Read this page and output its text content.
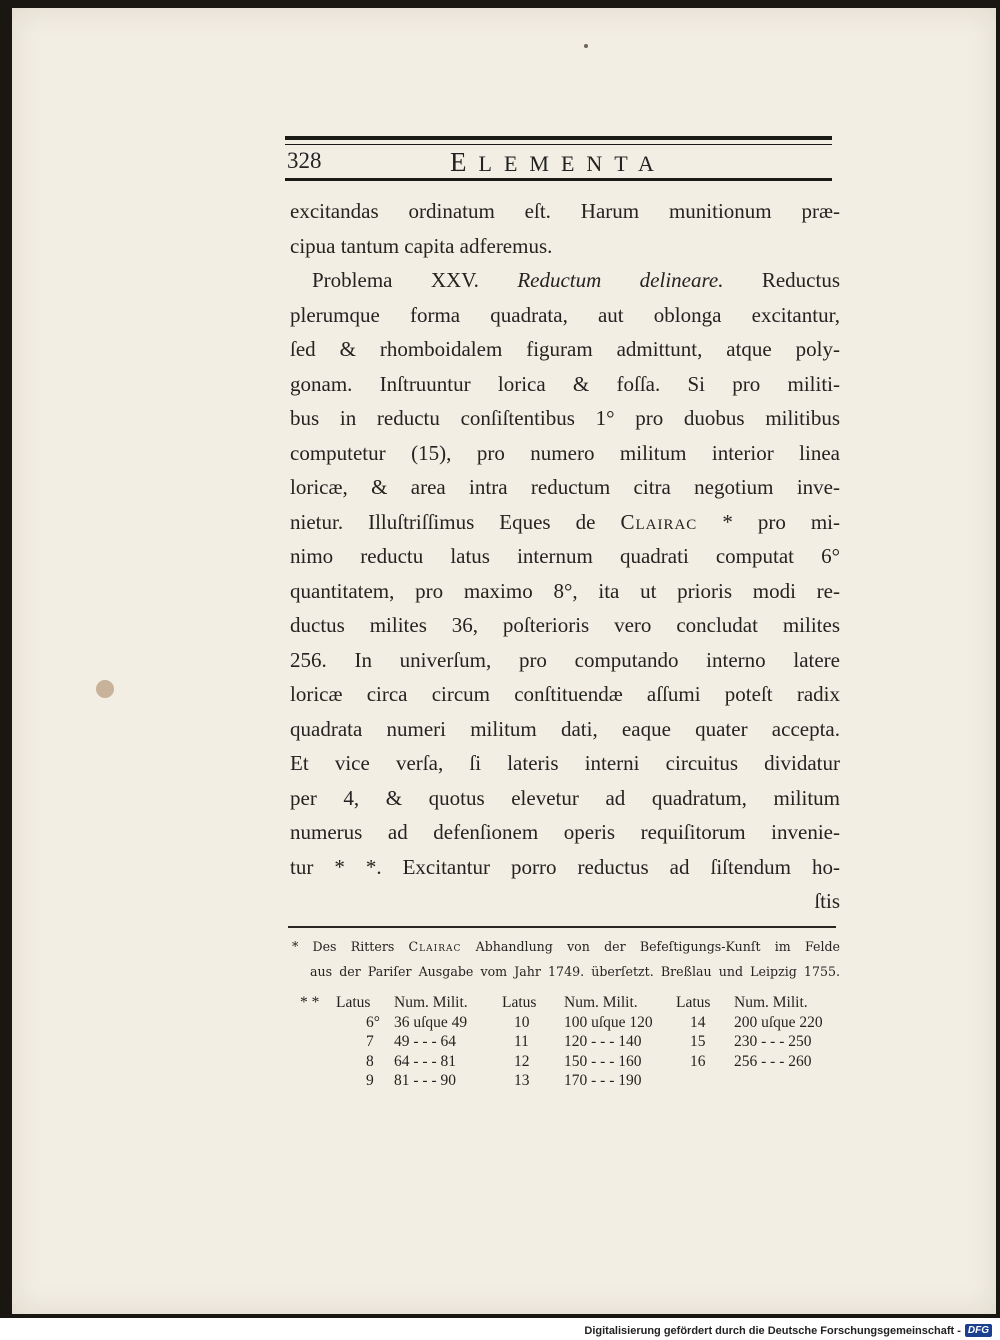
328	ELEMENTA
excitandas ordinatum eſt. Harum munitionum præ-
cipua tantum capita adferemus.
Problema XXV. Reductum delineare. Reductus
plerumque forma quadrata, aut oblonga excitantur,
ſed & rhomboidalem figuram admittunt, atque poly-
gonam. Inſtruuntur lorica & foſſa. Si pro militi-
bus in reductu conſiſtentibus 1° pro duobus militibus
computetur (15), pro numero militum interior linea
loricæ, & area intra reductum citra negotium inve-
nietur. Illuſtriſſimus Eques de Clairac * pro mi-
nimo reductu latus internum quadrati computat 6°
quantitatem, pro maximo 8°, ita ut prioris modi re-
ductus milites 36, poſterioris vero concludat milites
256. In univerſum, pro computando interno latere
loricæ circa circum conſtituendæ aſſumi poteſt radix
quadrata numeri militum dati, eaque quater accepta.
Et vice verſa, ſi lateris interni circuitus dividatur
per 4, & quotus elevetur ad quadratum, militum
numerus ad defenſionem operis requiſitorum invenie-
tur * *. Excitantur porro reductus ad ſiſtendum ho-
ſtis
* Des Ritters Clairac Abhandlung von der Befeſtigungs-Kunſt im Felde
aus der Pariſer Ausgabe vom Jahr 1749. überſetzt. Breßlau und Leipzig 1755.
* *	Latus	Num. Milit.	Latus	Num. Milit.	Latus	Num. Milit.
6° 36 uſque 49	10	100 uſque 120	14	200 uſque 220
7	49 - - - 64	11	120 - - - 140	15	230 - - - 250
8	64 - - - 81	12	150 - - - 160	16	256 - - - 260
9	81 - - - 90	13	170 - - - 190
Digitalisierung gefördert durch die Deutsche Forschungsgemeinschaft - DFG
